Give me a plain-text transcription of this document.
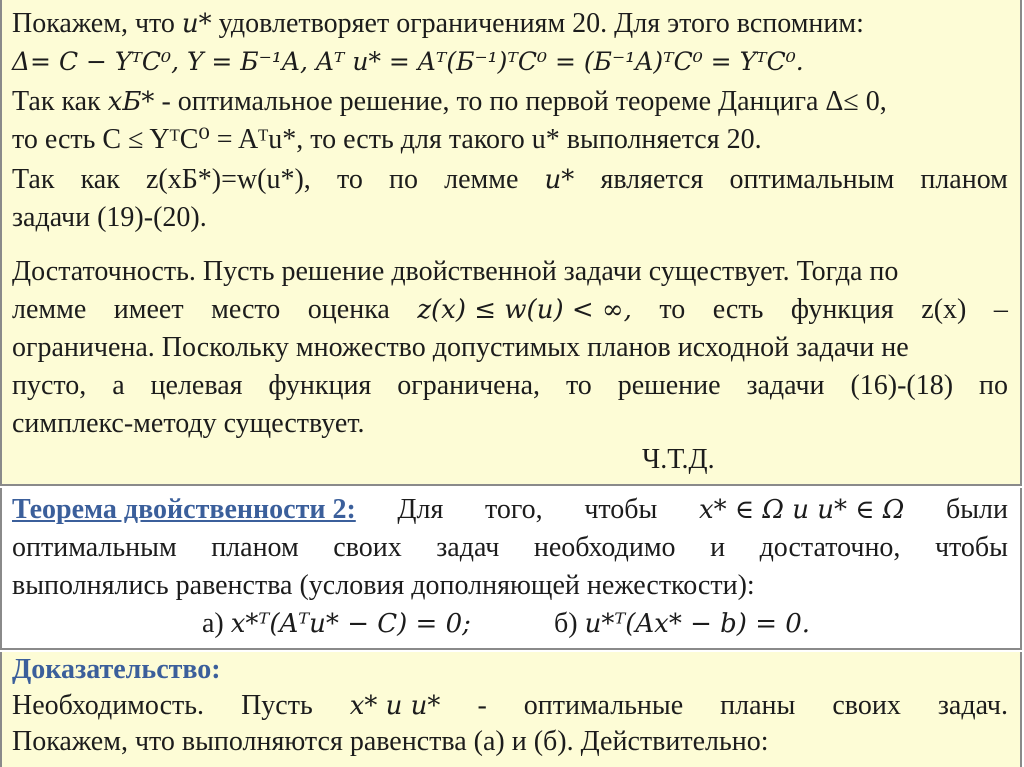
Покажем, что u* удовлетворяет ограничениям 20. Для этого вспомним:
Δ= C − YᵀC⁰, Y = Б⁻¹A, Aᵀ u* = Aᵀ(Б⁻¹)ᵀC⁰ = (Б⁻¹A)ᵀC⁰ = YᵀC⁰.
Так как xБ* - оптимальное решение, то по первой теореме Данцига Δ≤ 0,
то есть C ≤ YᵀC⁰ = Aᵀu*, то есть для такого u* выполняется 20.
Так как z(xБ*)=w(u*), то по лемме u* является оптимальным планом
задачи (19)-(20).
Достаточность. Пусть решение двойственной задачи существует. Тогда по
лемме имеет место оценка z(x) ≤ w(u) < ∞, то есть функция z(x) –
ограничена. Поскольку множество допустимых планов исходной задачи не
пусто, а целевая функция ограничена, то решение задачи (16)-(18) по
симплекс-методу существует.
Ч.Т.Д.
Теорема двойственности 2: Для того, чтобы x* ∈ Ω и u* ∈ Ω были
оптимальным планом своих задач необходимо и достаточно, чтобы
выполнялись равенства (условия дополняющей нежесткости):
а) x*ᵀ(Aᵀu* − C) = 0;	б) u*ᵀ(Ax* − b) = 0.
Доказательство:
Необходимость. Пусть x* и u* - оптимальные планы своих задач.
Покажем, что выполняются равенства (а) и (б). Действительно:
